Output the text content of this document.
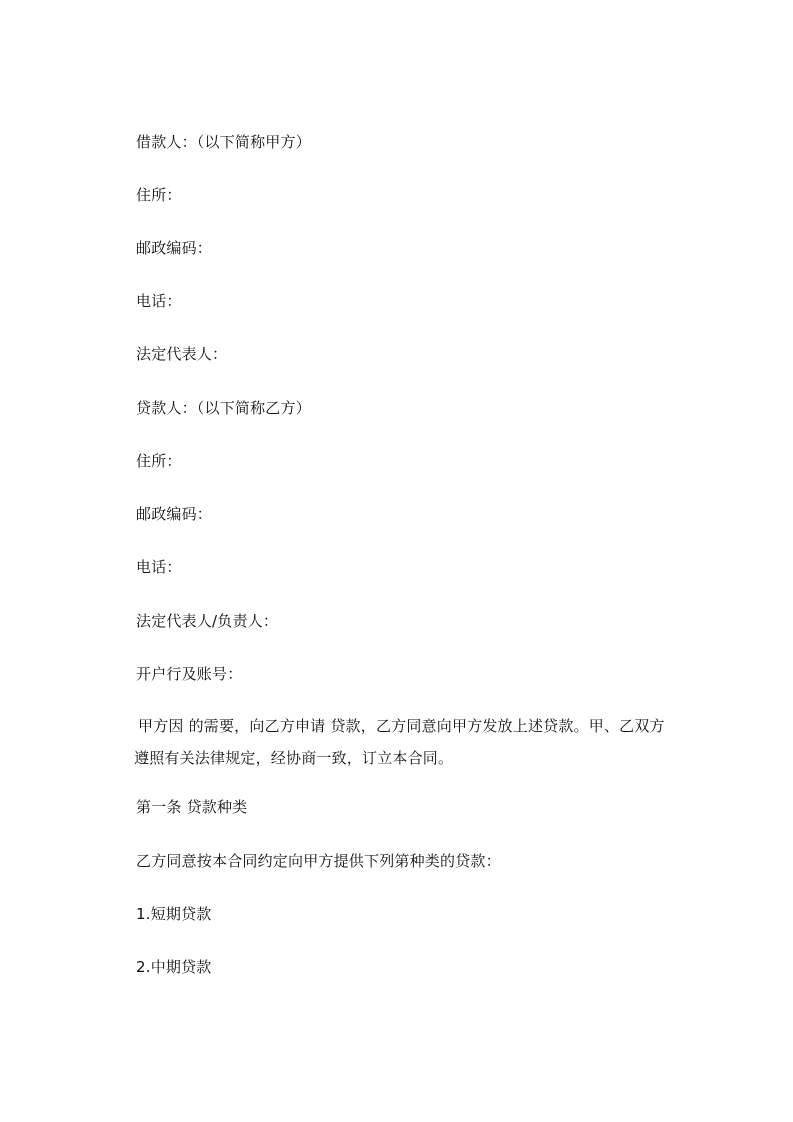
借款人：（以下简称甲方）
住所：
邮政编码：
电话：
法定代表人：
贷款人：（以下简称乙方）
住所：
邮政编码：
电话：
法定代表人/负责人：
开户行及账号：
甲方因 的需要，向乙方申请 贷款，乙方同意向甲方发放上述贷款。甲、乙双方
遵照有关法律规定，经协商一致，订立本合同。
第一条 贷款种类
乙方同意按本合同约定向甲方提供下列第种类的贷款：
1.短期贷款
2.中期贷款
